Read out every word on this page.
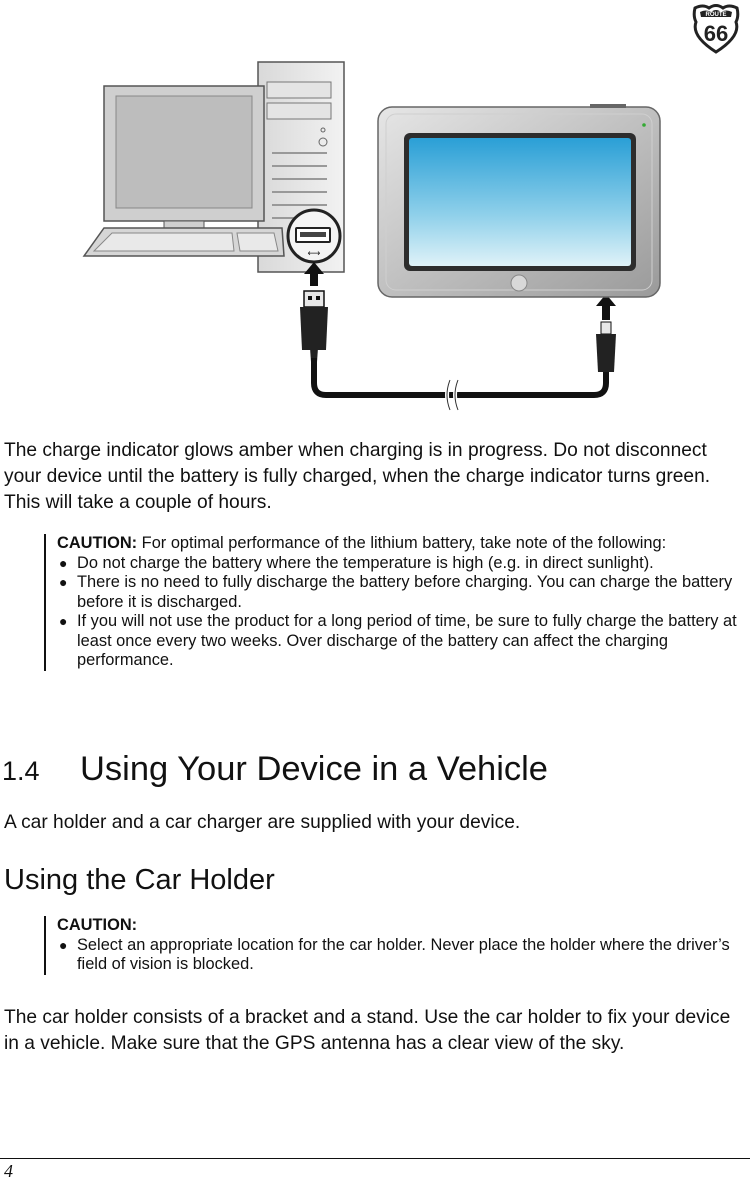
ROUTE
66
⟷

The charge indicator glows amber when charging is in progress. Do not disconnect your device until the battery is fully charged, when the charge indicator turns green. This will take a couple of hours.

CAUTION: For optimal performance of the lithium battery, take note of the following:
● Do not charge the battery where the temperature is high (e.g. in direct sunlight).
● There is no need to fully discharge the battery before charging. You can charge the battery before it is discharged.
● If you will not use the product for a long period of time, be sure to fully charge the battery at least once every two weeks. Over discharge of the battery can affect the charging performance.
1.4 Using Your Device in a Vehicle

A car holder and a car charger are supplied with your device.

Using the Car Holder
CAUTION:
● Select an appropriate location for the car holder. Never place the holder where the driver’s field of vision is blocked.

The car holder consists of a bracket and a stand. Use the car holder to fix your device in a vehicle. Make sure that the GPS antenna has a clear view of the sky.

4
